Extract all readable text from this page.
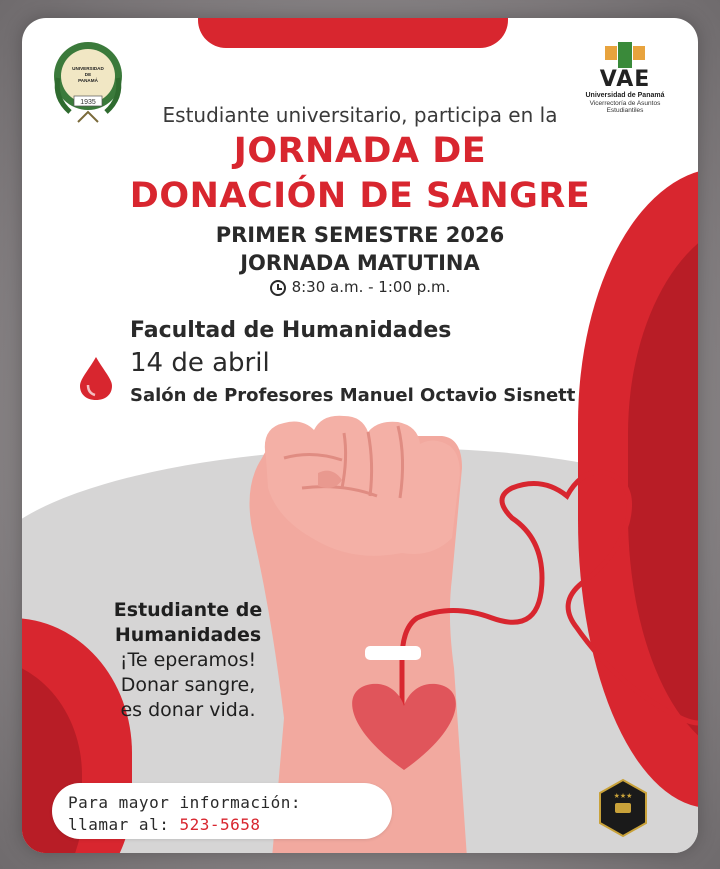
1935
UNIVERSIDAD
DE
PANAMÁ	VAE
Universidad de Panamá
Vicerrectoría de Asuntos
Estudiantiles
Estudiante universitario, participa en la
JORNADA DE
DONACIÓN DE SANGRE
PRIMER SEMESTRE 2026
JORNADA MATUTINA
8:30 a.m. - 1:00 p.m.
Facultad de Humanidades
14 de abril
Salón de Profesores Manuel Octavio Sisnett
Estudiante de
Humanidades
¡Te eperamos!
Donar sangre,
es donar vida.
Para mayor información:
llamar al: 523-5658
★★★
